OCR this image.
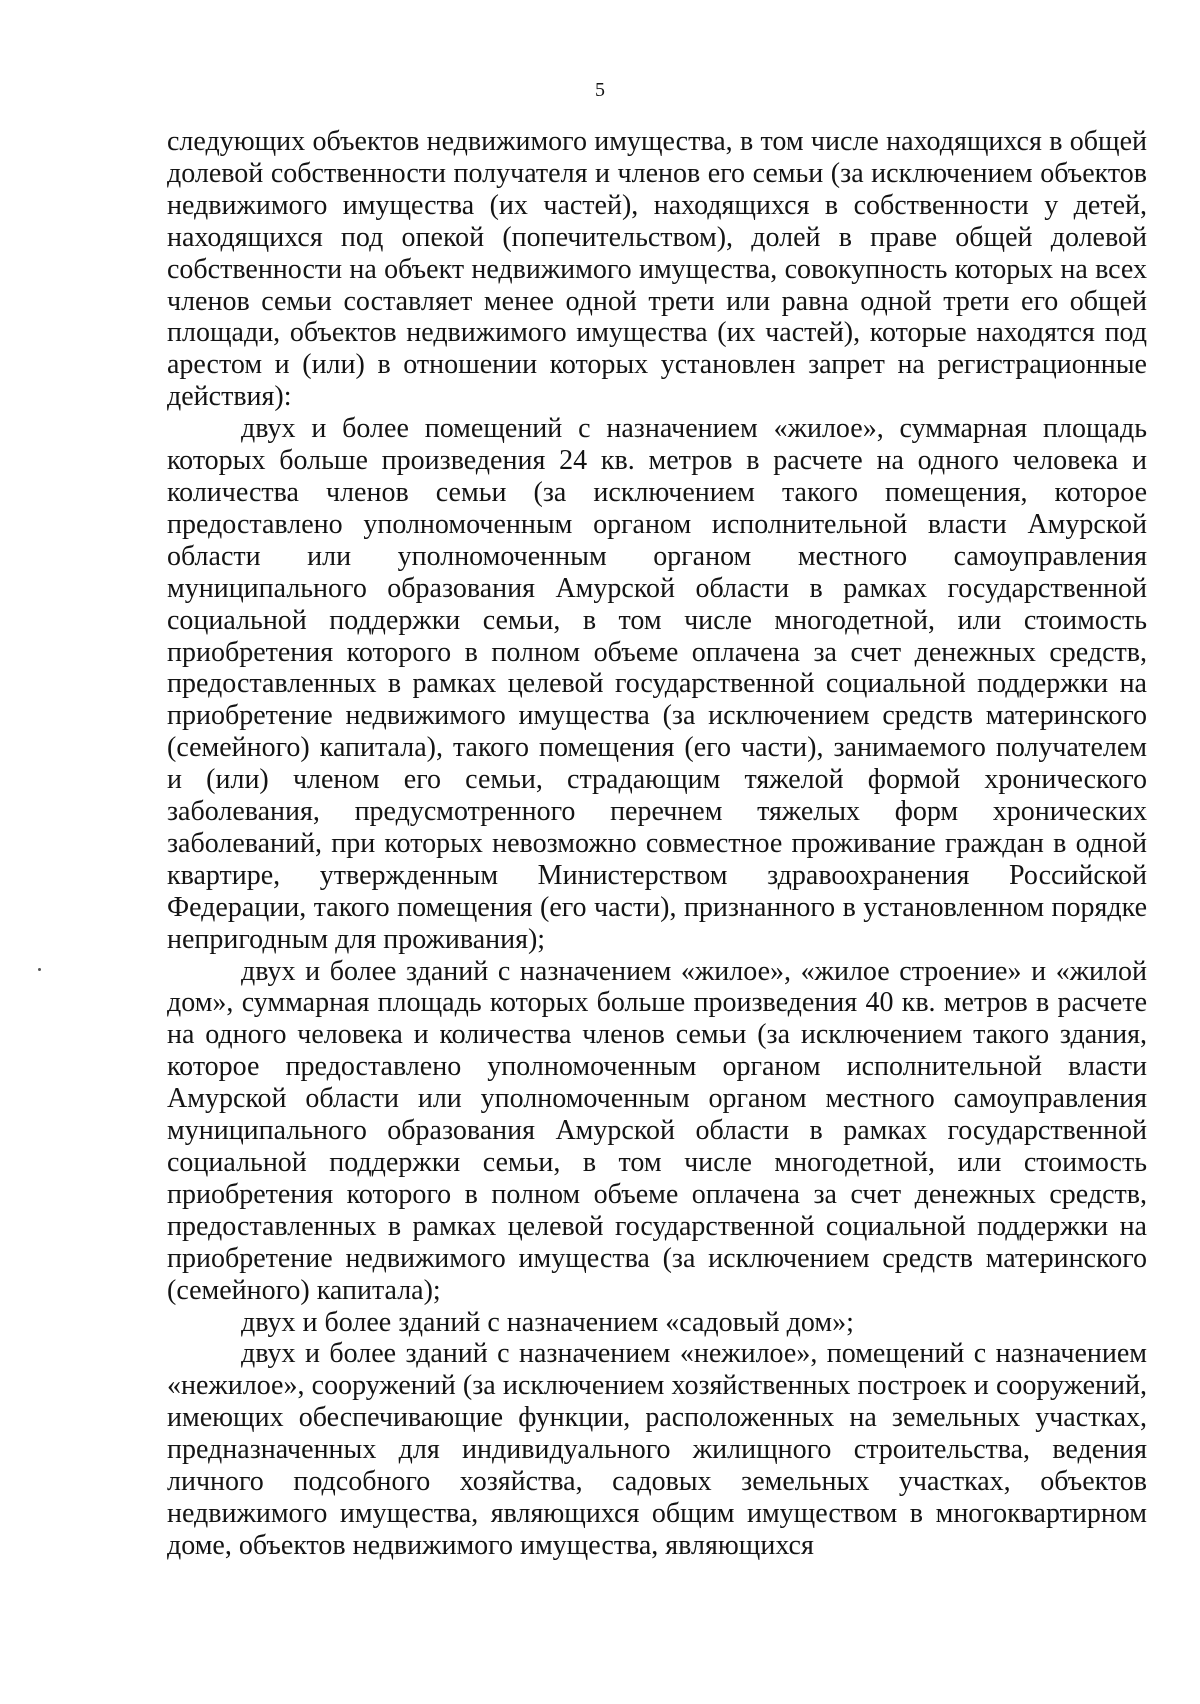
5

следующих объектов недвижимого имущества, в том числе находящихся в общей долевой собственности получателя и членов его семьи (за исключением объектов недвижимого имущества (их частей), находящихся в собственности у детей, находящихся под опекой (попечительством), долей в праве общей долевой собственности на объект недвижимого имущества, совокупность которых на всех членов семьи составляет менее одной трети или равна одной трети его общей площади, объектов недвижимого имущества (их частей), которые находятся под арестом и (или) в отношении которых установлен запрет на регистрационные действия):

двух и более помещений с назначением «жилое», суммарная площадь которых больше произведения 24 кв. метров в расчете на одного человека и количества членов семьи (за исключением такого помещения, которое предоставлено уполномоченным органом исполнительной власти Амурской области или уполномоченным органом местного самоуправления муниципального образования Амурской области в рамках государственной социальной поддержки семьи, в том числе многодетной, или стоимость приобретения которого в полном объеме оплачена за счет денежных средств, предоставленных в рамках целевой государственной социальной поддержки на приобретение недвижимого имущества (за исключением средств материнского (семейного) капитала), такого помещения (его части), занимаемого получателем и (или) членом его семьи, страдающим тяжелой формой хронического заболевания, предусмотренного перечнем тяжелых форм хронических заболеваний, при которых невозможно совместное проживание граждан в одной квартире, утвержденным Министерством здравоохранения Российской Федерации, такого помещения (его части), признанного в установленном порядке непригодным для проживания);

двух и более зданий с назначением «жилое», «жилое строение» и «жилой дом», суммарная площадь которых больше произведения 40 кв. метров в расчете на одного человека и количества членов семьи (за исключением такого здания, которое предоставлено уполномоченным органом исполнительной власти Амурской области или уполномоченным органом местного самоуправления муниципального образования Амурской области в рамках государственной социальной поддержки семьи, в том числе многодетной, или стоимость приобретения которого в полном объеме оплачена за счет денежных средств, предоставленных в рамках целевой государственной социальной поддержки на приобретение недвижимого имущества (за исключением средств материнского (семейного) капитала);

двух и более зданий с назначением «садовый дом»;

двух и более зданий с назначением «нежилое», помещений с назначением «нежилое», сооружений (за исключением хозяйственных построек и сооружений, имеющих обеспечивающие функции, расположенных на земельных участках, предназначенных для индивидуального жилищного строительства, ведения личного подсобного хозяйства, садовых земельных участках, объектов недвижимого имущества, являющихся общим имуществом в многоквартирном доме, объектов недвижимого имущества, являющихся
